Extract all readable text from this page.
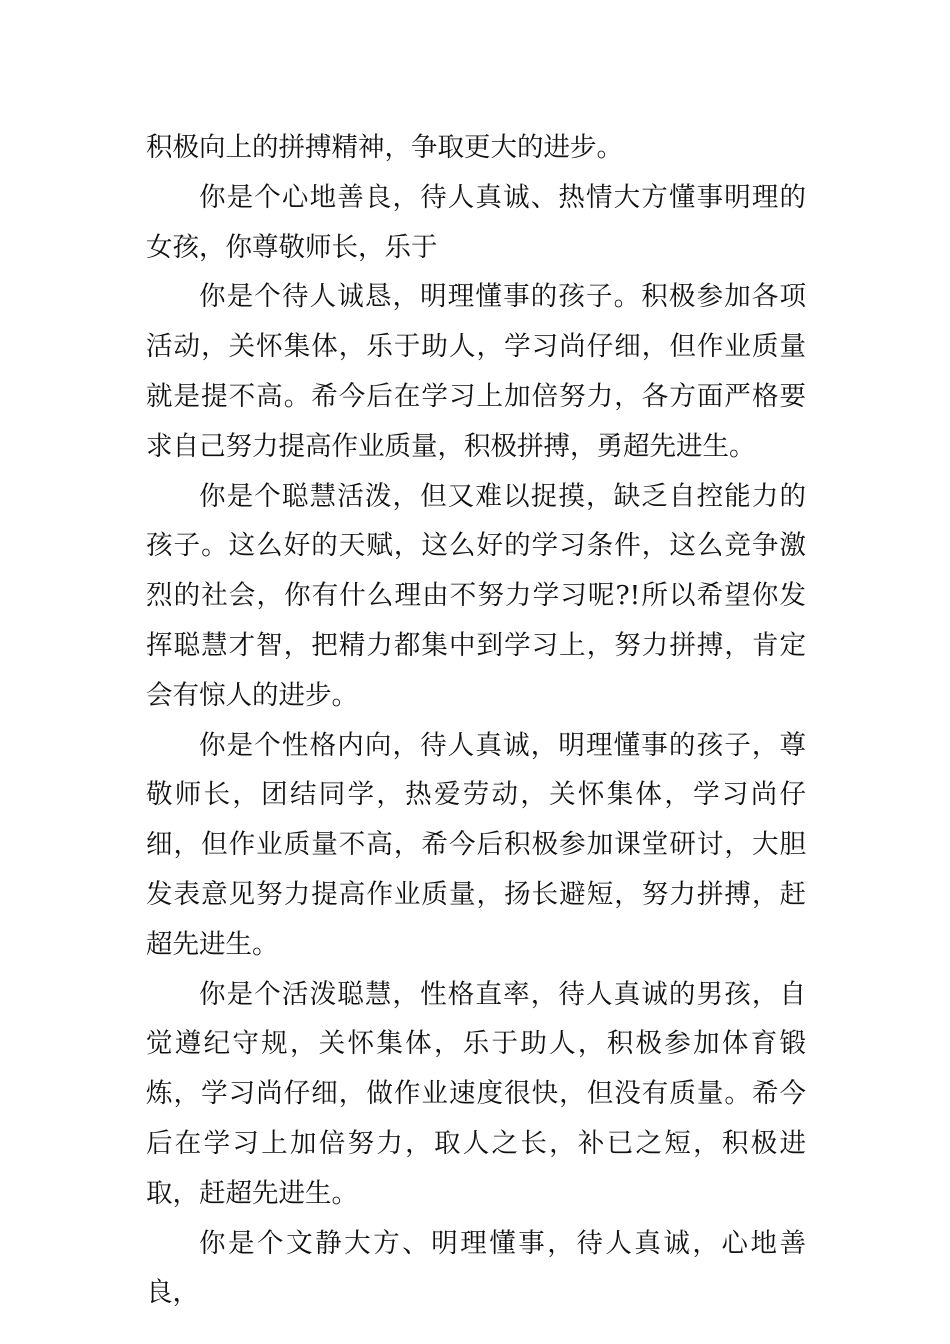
积极向上的拼搏精神，争取更大的进步。

你是个心地善良，待人真诚、热情大方懂事明理的女孩，你尊敬师长，乐于

你是个待人诚恳，明理懂事的孩子。积极参加各项活动，关怀集体，乐于助人，学习尚仔细，但作业质量就是提不高。希今后在学习上加倍努力，各方面严格要求自己努力提高作业质量，积极拼搏，勇超先进生。

你是个聪慧活泼，但又难以捉摸，缺乏自控能力的孩子。这么好的天赋，这么好的学习条件，这么竞争激烈的社会，你有什么理由不努力学习呢?!所以希望你发挥聪慧才智，把精力都集中到学习上，努力拼搏，肯定会有惊人的进步。

你是个性格内向，待人真诚，明理懂事的孩子，尊敬师长，团结同学，热爱劳动，关怀集体，学习尚仔细，但作业质量不高，希今后积极参加课堂研讨，大胆发表意见努力提高作业质量，扬长避短，努力拼搏，赶超先进生。

你是个活泼聪慧，性格直率，待人真诚的男孩，自觉遵纪守规，关怀集体，乐于助人，积极参加体育锻炼，学习尚仔细，做作业速度很快，但没有质量。希今后在学习上加倍努力，取人之长，补已之短，积极进取，赶超先进生。

你是个文静大方、明理懂事，待人真诚，心地善良，
